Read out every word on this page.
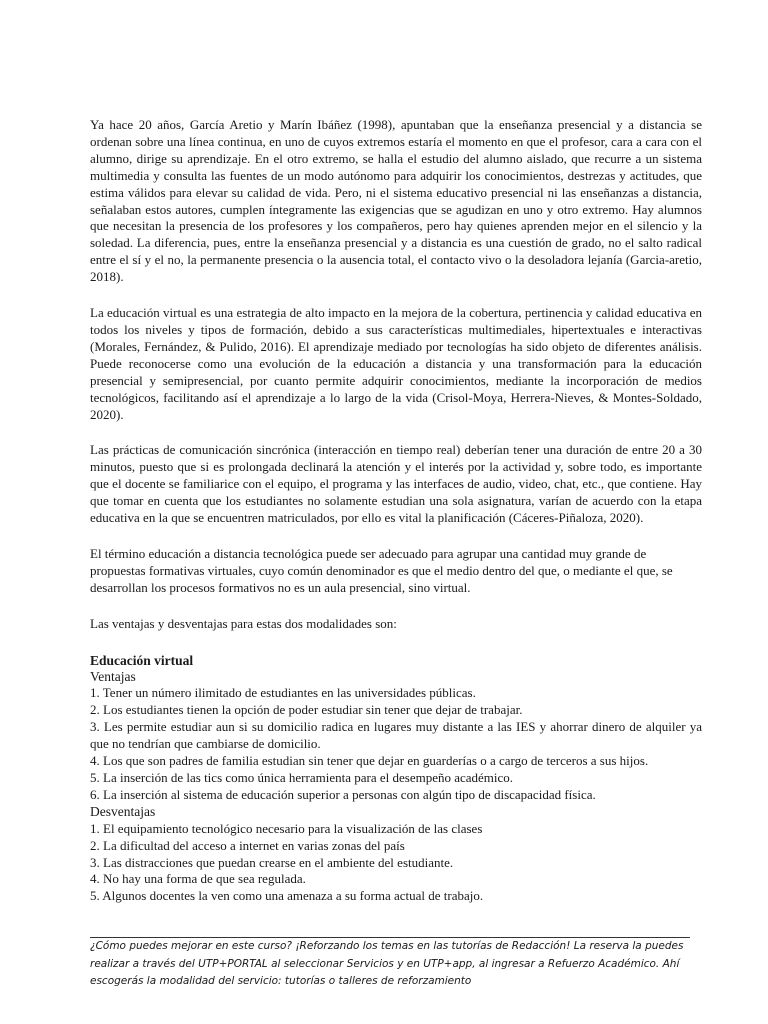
Ya hace 20 años, García Aretio y Marín Ibáñez (1998), apuntaban que la enseñanza presencial y a distancia se ordenan sobre una línea continua, en uno de cuyos extremos estaría el momento en que el profesor, cara a cara con el alumno, dirige su aprendizaje. En el otro extremo, se halla el estudio del alumno aislado, que recurre a un sistema multimedia y consulta las fuentes de un modo autónomo para adquirir los conocimientos, destrezas y actitudes, que estima válidos para elevar su calidad de vida. Pero, ni el sistema educativo presencial ni las enseñanzas a distancia, señalaban estos autores, cumplen íntegramente las exigencias que se agudizan en uno y otro extremo. Hay alumnos que necesitan la presencia de los profesores y los compañeros, pero hay quienes aprenden mejor en el silencio y la soledad. La diferencia, pues, entre la enseñanza presencial y a distancia es una cuestión de grado, no el salto radical entre el sí y el no, la permanente presencia o la ausencia total, el contacto vivo o la desoladora lejanía (Garcia-aretio, 2018).

La educación virtual es una estrategia de alto impacto en la mejora de la cobertura, pertinencia y calidad educativa en todos los niveles y tipos de formación, debido a sus características multimediales, hipertextuales e interactivas (Morales, Fernández, & Pulido, 2016). El aprendizaje mediado por tecnologías ha sido objeto de diferentes análisis. Puede reconocerse como una evolución de la educación a distancia y una transformación para la educación presencial y semipresencial, por cuanto permite adquirir conocimientos, mediante la incorporación de medios tecnológicos, facilitando así el aprendizaje a lo largo de la vida (Crisol-Moya, Herrera-Nieves, & Montes-Soldado, 2020).

Las prácticas de comunicación sincrónica (interacción en tiempo real) deberían tener una duración de entre 20 a 30 minutos, puesto que si es prolongada declinará la atención y el interés por la actividad y, sobre todo, es importante que el docente se familiarice con el equipo, el programa y las interfaces de audio, video, chat, etc., que contiene. Hay que tomar en cuenta que los estudiantes no solamente estudian una sola asignatura, varían de acuerdo con la etapa educativa en la que se encuentren matriculados, por ello es vital la planificación (Cáceres-Piñaloza, 2020).

El término educación a distancia tecnológica puede ser adecuado para agrupar una cantidad muy grande de propuestas formativas virtuales, cuyo común denominador es que el medio dentro del que, o mediante el que, se desarrollan los procesos formativos no es un aula presencial, sino virtual.

Las ventajas y desventajas para estas dos modalidades son:

Educación virtual

Ventajas

1. Tener un número ilimitado de estudiantes en las universidades públicas.
2. Los estudiantes tienen la opción de poder estudiar sin tener que dejar de trabajar.
3. Les permite estudiar aun si su domicilio radica en lugares muy distante a las IES y ahorrar dinero de alquiler ya que no tendrían que cambiarse de domicilio.
4. Los que son padres de familia estudian sin tener que dejar en guarderías o a cargo de terceros a sus hijos.
5. La inserción de las tics como única herramienta para el desempeño académico.
6. La inserción al sistema de educación superior a personas con algún tipo de discapacidad física.

Desventajas

1. El equipamiento tecnológico necesario para la visualización de las clases
2. La dificultad del acceso a internet en varias zonas del país
3. Las distracciones que puedan crearse en el ambiente del estudiante.
4. No hay una forma de que sea regulada.
5. Algunos docentes la ven como una amenaza a su forma actual de trabajo.

¿Cómo puedes mejorar en este curso? ¡Reforzando los temas en las tutorías de Redacción! La reserva la puedes realizar a través del UTP+PORTAL al seleccionar Servicios y en UTP+app, al ingresar a Refuerzo Académico. Ahí escogerás la modalidad del servicio: tutorías o talleres de reforzamiento
